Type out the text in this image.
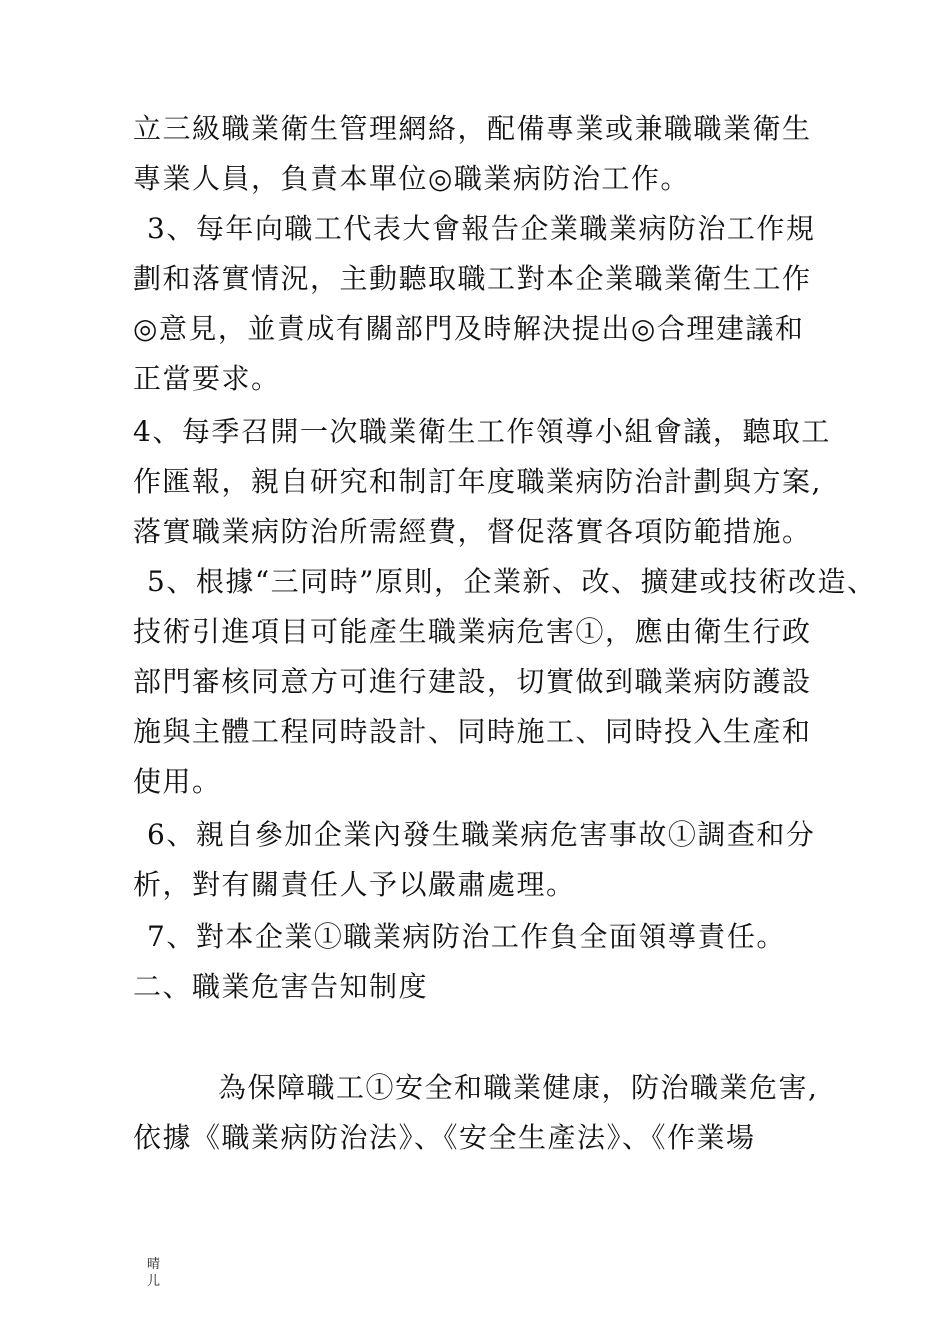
立三級職業衛生管理網絡，配備專業或兼職職業衛生
專業人員，負責本單位◎職業病防治工作。
3、每年向職工代表大會報告企業職業病防治工作規
劃和落實情況，主動聽取職工對本企業職業衛生工作
◎意見，並責成有關部門及時解決提出◎合理建議和
正當要求。
4、每季召開一次職業衛生工作領導小組會議，聽取工
作匯報，親自研究和制訂年度職業病防治計劃與方案,
落實職業病防治所需經費，督促落實各項防範措施。
5、根據“三同時”原則，企業新、改、擴建或技術改造、
技術引進項目可能產生職業病危害①，應由衛生行政
部門審核同意方可進行建設，切實做到職業病防護設
施與主體工程同時設計、同時施工、同時投入生產和
使用。
6、親自參加企業內發生職業病危害事故①調查和分
析，對有關責任人予以嚴肅處理。
7、對本企業①職業病防治工作負全面領導責任。
二、職業危害告知制度
為保障職工①安全和職業健康，防治職業危害,
依據《職業病防治法》、《安全生產法》、《作業場
晴儿
